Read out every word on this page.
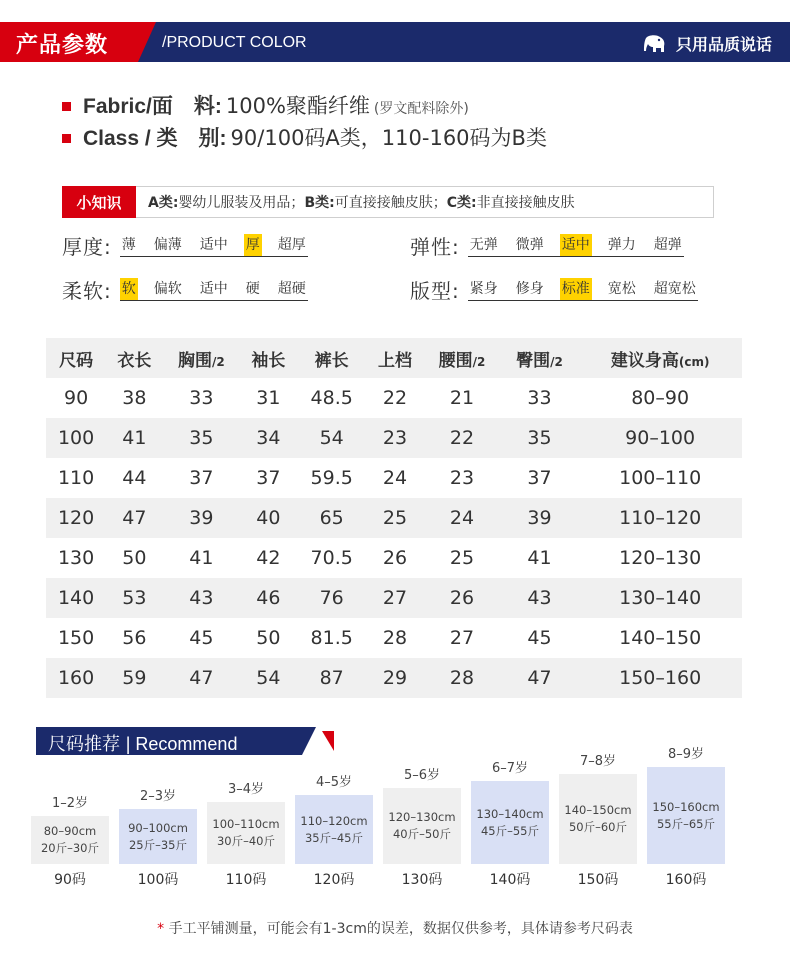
产品参数	/PRODUCT COLOR	只用品质说话
Fabric/面　料: 100%聚酯纤维 (罗文配料除外)
Class / 类　别: 90/100码A类，110-160码为B类
小知识	A类:婴幼儿服装及用品；B类:可直接接触皮肤；C类:非直接接触皮肤
厚度: 薄 偏薄 适中 厚 超厚	弹性: 无弹 微弹 适中 弹力 超弹
柔软: 软 偏软 适中 硬 超硬	版型: 紧身 修身 标准 宽松 超宽松
尺码	衣长	胸围/2	袖长	裤长	上档	腰围/2	臀围/2	建议身高(cm)
90	38	33	31	48.5	22	21	33	80–90
100	41	35	34	54	23	22	35	90–100
110	44	37	37	59.5	24	23	37	100–110
120	47	39	40	65	25	24	39	110–120
130	50	41	42	70.5	26	25	41	120–130
140	53	43	46	76	27	26	43	130–140
150	56	45	50	81.5	28	27	45	140–150
160	59	47	54	87	29	28	47	150–160
尺码推荐 | Recommend
1–2岁
80–90cm
20斤–30斤
90码
2–3岁
90–100cm
25斤–35斤
100码
3–4岁
100–110cm
30斤–40斤
110码
4–5岁
110–120cm
35斤–45斤
120码
5–6岁
120–130cm
40斤–50斤
130码
6–7岁
130–140cm
45斤–55斤
140码
7–8岁
140–150cm
50斤–60斤
150码
8–9岁
150–160cm
55斤–65斤
160码
* 手工平铺测量，可能会有1-3cm的误差，数据仅供参考，具体请参考尺码表
